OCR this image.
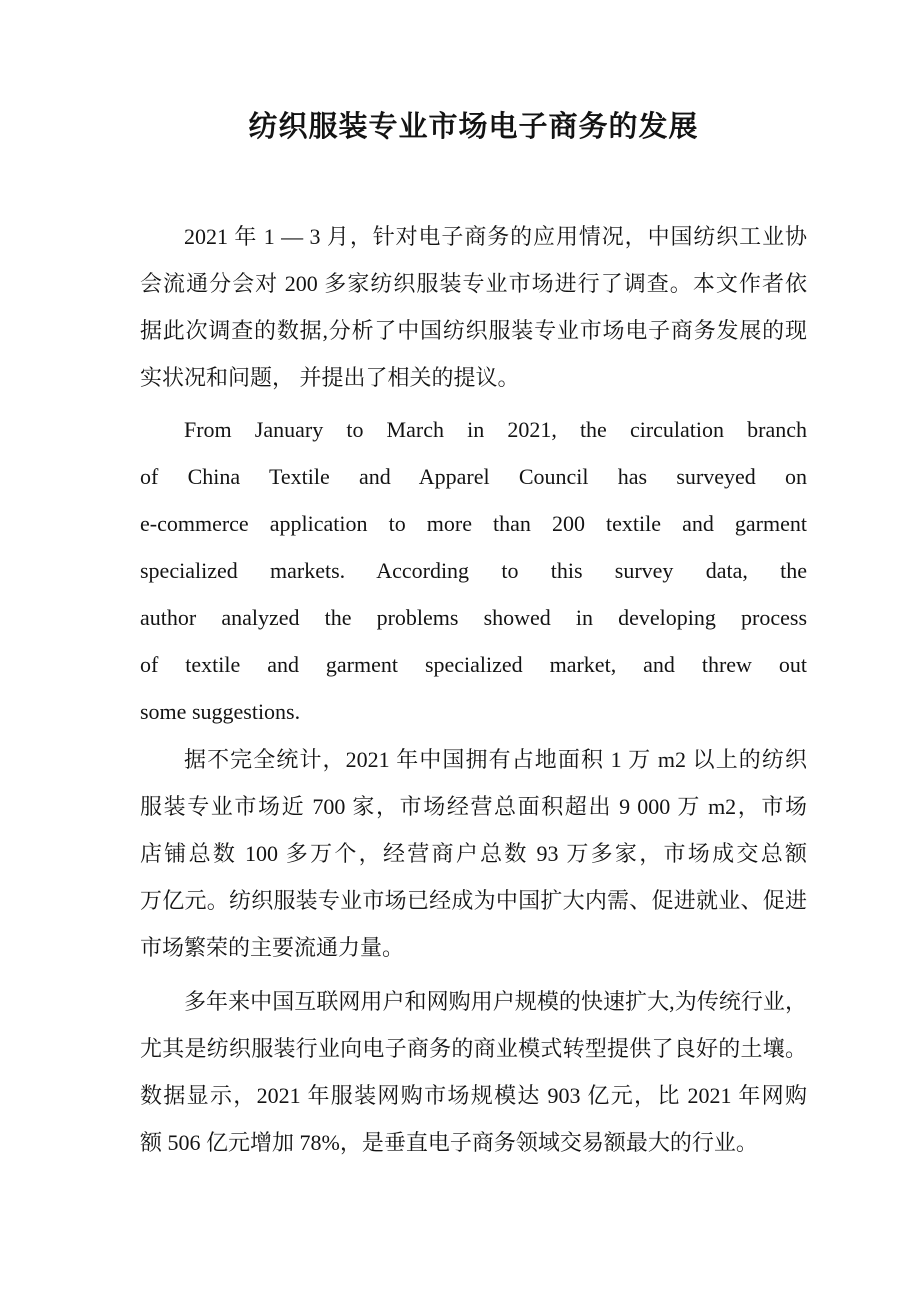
纺织服装专业市场电子商务的发展
2021 年 1 — 3 月，针对电子商务的应用情况，中国纺织工业协
会流通分会对 200 多家纺织服装专业市场进行了调查。本文作者依
据此次调查的数据,分析了中国纺织服装专业市场电子商务发展的现
实状况和问题， 并提出了相关的提议。
From January to March in 2021, the circulation branch
of China Textile and Apparel Council has surveyed on
e-commerce application to more than 200 textile and garment
specialized markets. According to this survey data, the
author analyzed the problems showed in developing process
of textile and garment specialized market, and threw out
some suggestions.
据不完全统计，2021 年中国拥有占地面积 1 万 m2 以上的纺织
服装专业市场近 700 家，市场经营总面积超出 9 000 万 m2，市场
店铺总数 100 多万个，经营商户总数 93 万多家，市场成交总额
万亿元。纺织服装专业市场已经成为中国扩大内需、促进就业、促进
市场繁荣的主要流通力量。
多年来中国互联网用户和网购用户规模的快速扩大,为传统行业，
尤其是纺织服装行业向电子商务的商业模式转型提供了良好的土壤。
数据显示，2021 年服装网购市场规模达 903 亿元，比 2021 年网购
额 506 亿元增加 78%，是垂直电子商务领域交易额最大的行业。
